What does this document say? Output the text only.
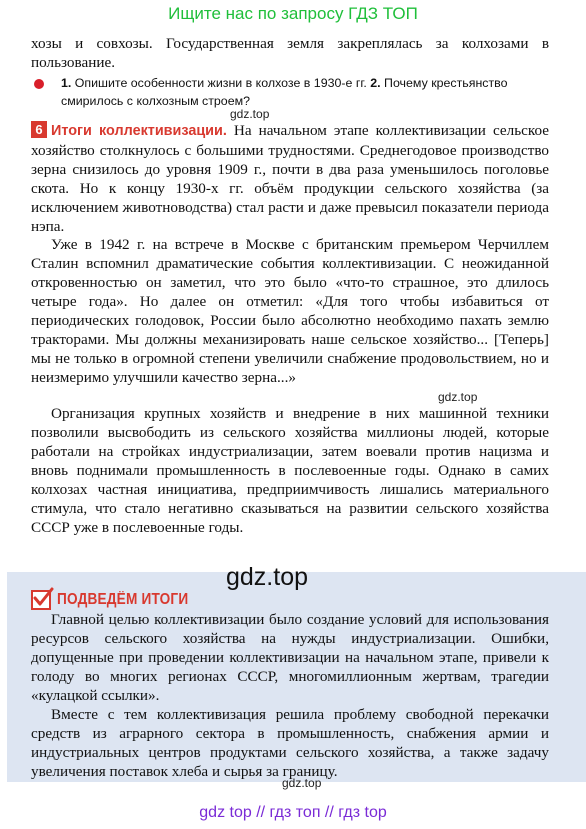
Ищите нас по запросу ГДЗ ТОП

хозы и совхозы. Государственная земля закреплялась за колхозами в пользование.

1. Опишите особенности жизни в колхозе в 1930-е гг. 2. Почему крестьянство смирилось с колхозным строем?
gdz.top

6 Итоги коллективизации. На начальном этапе коллективизации сельское хозяйство столкнулось с большими трудностями. Среднегодовое производство зерна снизилось до уровня 1909 г., почти в два раза уменьшилось поголовье скота. Но к концу 1930-х гг. объём продукции сельского хозяйства (за исключением животноводства) стал расти и даже превысил показатели периода нэпа.

Уже в 1942 г. на встрече в Москве с британским премьером Черчиллем Сталин вспомнил драматические события коллективизации. С неожиданной откровенностью он заметил, что это было «что-то страшное, это длилось четыре года». Но далее он отметил: «Для того чтобы избавиться от периодических голодовок, России было абсолютно необходимо пахать землю тракторами. Мы должны механизировать наше сельское хозяйство... [Теперь] мы не только в огромной степени увеличили снабжение продовольствием, но и неизмеримо улучшили качество зерна...»

gdz.top

Организация крупных хозяйств и внедрение в них машинной техники позволили высвободить из сельского хозяйства миллионы людей, которые работали на стройках индустриализации, затем воевали против нацизма и вновь поднимали промышленность в послевоенные годы. Однако в самих колхозах частная инициатива, предприимчивость лишались материального стимула, что стало негативно сказываться на развитии сельского хозяйства СССР уже в послевоенные годы.

gdz.top
ПОДВЕДЁМ ИТОГИ

Главной целью коллективизации было создание условий для использования ресурсов сельского хозяйства на нужды индустриализации. Ошибки, допущенные при проведении коллективизации на начальном этапе, привели к голоду во многих регионах СССР, многомиллионным жертвам, трагедии «кулацкой ссылки».

Вместе с тем коллективизация решила проблему свободной перекачки средств из аграрного сектора в промышленность, снабжения армии и индустриальных центров продуктами сельского хозяйства, а также задачу увеличения поставок хлеба и сырья за границу.

gdz.top
gdz top // гдз топ // гдз top
